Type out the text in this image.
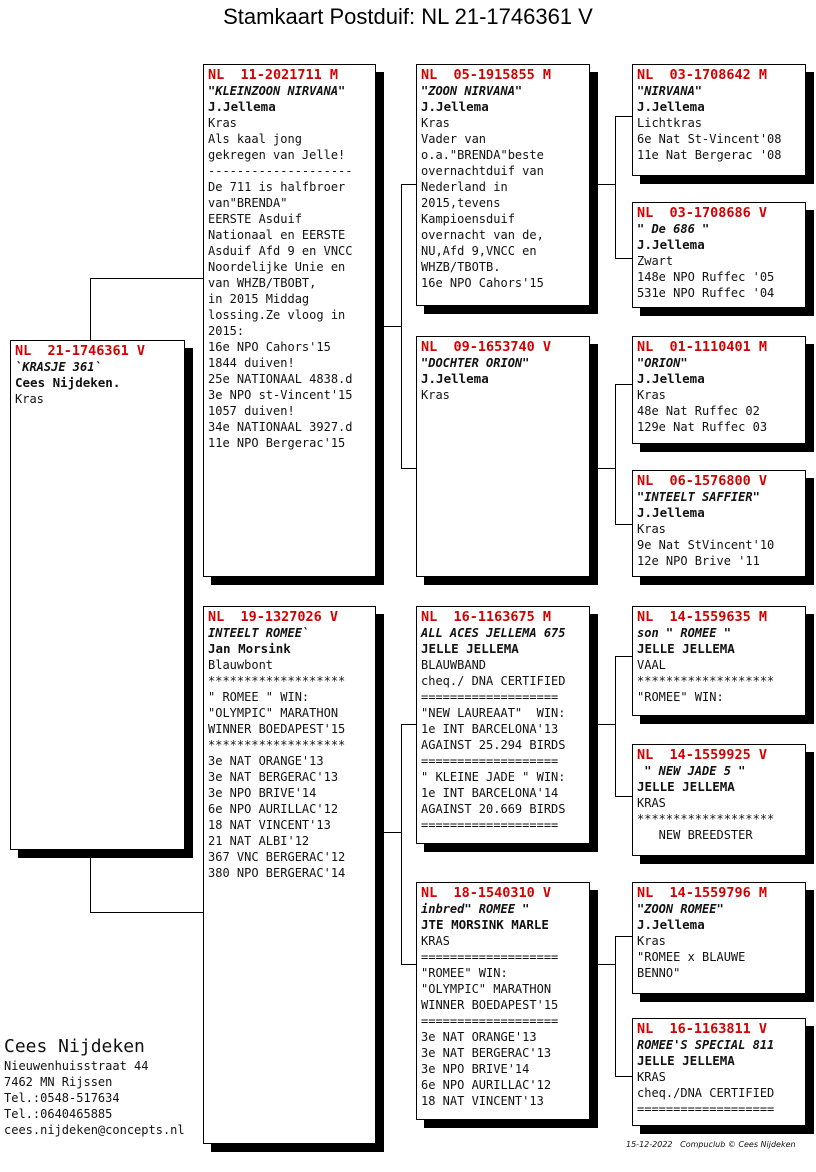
Stamkaart Postduif: NL 21-1746361 V
NL  21-1746361 V
`KRASJE 361`
Cees Nijdeken.
Kras
NL  11-2021711 M
"KLEINZOON NIRVANA"
J.Jellema
Kras
Als kaal jong
gekregen van Jelle!
--------------------
De 711 is halfbroer
van"BRENDA"
EERSTE Asduif
Nationaal en EERSTE
Asduif Afd 9 en VNCC
Noordelijke Unie en
van WHZB/TBOBT,
in 2015 Middag
lossing.Ze vloog in
2015:
16e NPO Cahors'15
1844 duiven!
25e NATIONAAL 4838.d
3e NPO st-Vincent'15
1057 duiven!
34e NATIONAAL 3927.d
11e NPO Bergerac'15
NL  19-1327026 V
INTEELT ROMEE`
Jan Morsink
Blauwbont
*******************
" ROMEE " WIN:
"OLYMPIC" MARATHON
WINNER BOEDAPEST'15
*******************
3e NAT ORANGE'13
3e NAT BERGERAC'13
3e NPO BRIVE'14
6e NPO AURILLAC'12
18 NAT VINCENT'13
21 NAT ALBI'12
367 VNC BERGERAC'12
380 NPO BERGERAC'14
NL  05-1915855 M
"ZOON NIRVANA"
J.Jellema
Kras
Vader van
o.a."BRENDA"beste
overnachtduif van
Nederland in
2015,tevens
Kampioensduif
overnacht van de,
NU,Afd 9,VNCC en
WHZB/TBOTB.
16e NPO Cahors'15
NL  09-1653740 V
"DOCHTER ORION"
J.Jellema
Kras
NL  16-1163675 M
ALL ACES JELLEMA 675
JELLE JELLEMA
BLAUWBAND
cheq./ DNA CERTIFIED
===================
"NEW LAUREAAT"  WIN:
1e INT BARCELONA'13
AGAINST 25.294 BIRDS
===================
" KLEINE JADE " WIN:
1e INT BARCELONA'14
AGAINST 20.669 BIRDS
===================
NL  18-1540310 V
inbred" ROMEE "
JTE MORSINK MARLE
KRAS
===================
"ROMEE" WIN:
"OLYMPIC" MARATHON
WINNER BOEDAPEST'15
===================
3e NAT ORANGE'13
3e NAT BERGERAC'13
3e NPO BRIVE'14
6e NPO AURILLAC'12
18 NAT VINCENT'13
NL  03-1708642 M
"NIRVANA"
J.Jellema
Lichtkras
6e Nat St-Vincent'08
11e Nat Bergerac '08
NL  03-1708686 V
" De 686 "
J.Jellema
Zwart
148e NPO Ruffec '05
531e NPO Ruffec '04
NL  01-1110401 M
"ORION"
J.Jellema
Kras
48e Nat Ruffec 02
129e Nat Ruffec 03
NL  06-1576800 V
"INTEELT SAFFIER"
J.Jellema
Kras
9e Nat StVincent'10
12e NPO Brive '11
NL  14-1559635 M
son " ROMEE "
JELLE JELLEMA
VAAL
*******************
"ROMEE" WIN:
NL  14-1559925 V
" NEW JADE 5 "
JELLE JELLEMA
KRAS
*******************
NEW BREEDSTER
NL  14-1559796 M
"ZOON ROMEE"
J.Jellema
Kras
"ROMEE x BLAUWE
BENNO"
NL  16-1163811 V
ROMEE'S SPECIAL 811
JELLE JELLEMA
KRAS
cheq./DNA CERTIFIED
===================
Cees Nijdeken
Nieuwenhuisstraat 44
7462 MN Rijssen
Tel.:0548-517634
Tel.:0640465885
cees.nijdeken@concepts.nl
15-12-2022   Compuclub © Cees Nijdeken
